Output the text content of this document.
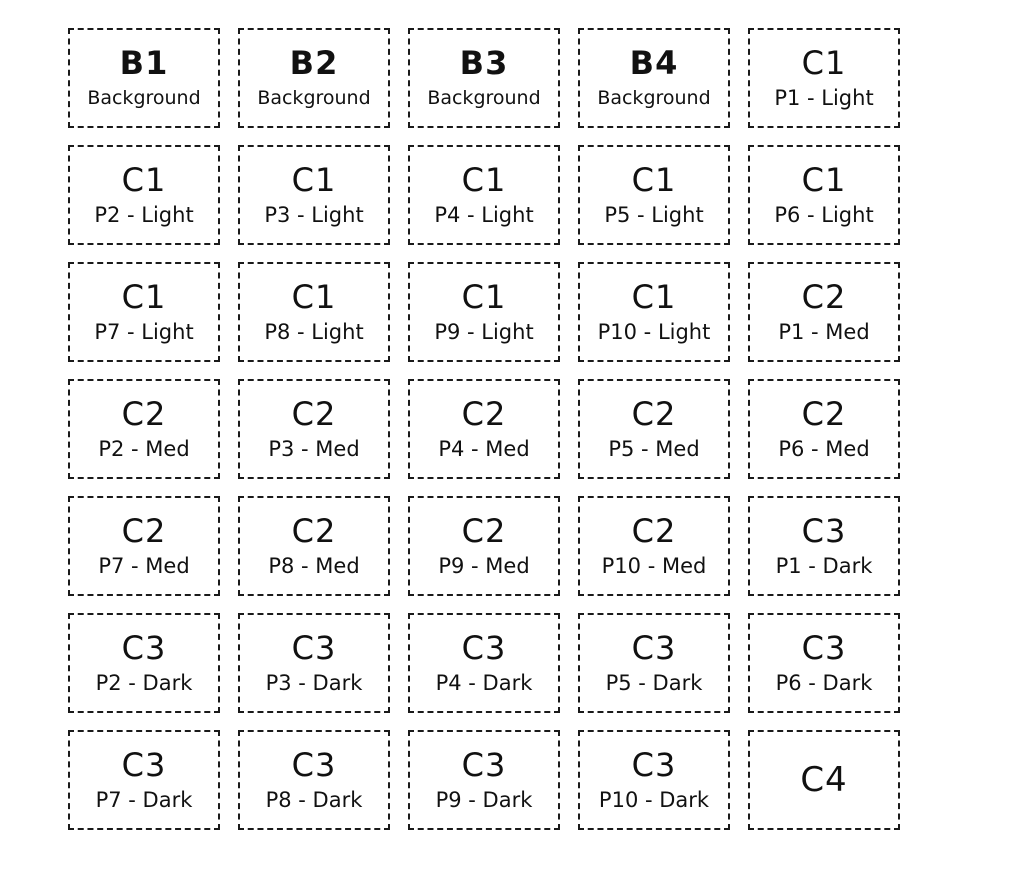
B1
Background
B2
Background
B3
Background
B4
Background
C1
P1 - Light
C1
P2 - Light
C1
P3 - Light
C1
P4 - Light
C1
P5 - Light
C1
P6 - Light
C1
P7 - Light
C1
P8 - Light
C1
P9 - Light
C1
P10 - Light
C2
P1 - Med
C2
P2 - Med
C2
P3 - Med
C2
P4 - Med
C2
P5 - Med
C2
P6 - Med
C2
P7 - Med
C2
P8 - Med
C2
P9 - Med
C2
P10 - Med
C3
P1 - Dark
C3
P2 - Dark
C3
P3 - Dark
C3
P4 - Dark
C3
P5 - Dark
C3
P6 - Dark
C3
P7 - Dark
C3
P8 - Dark
C3
P9 - Dark
C3
P10 - Dark	C4
